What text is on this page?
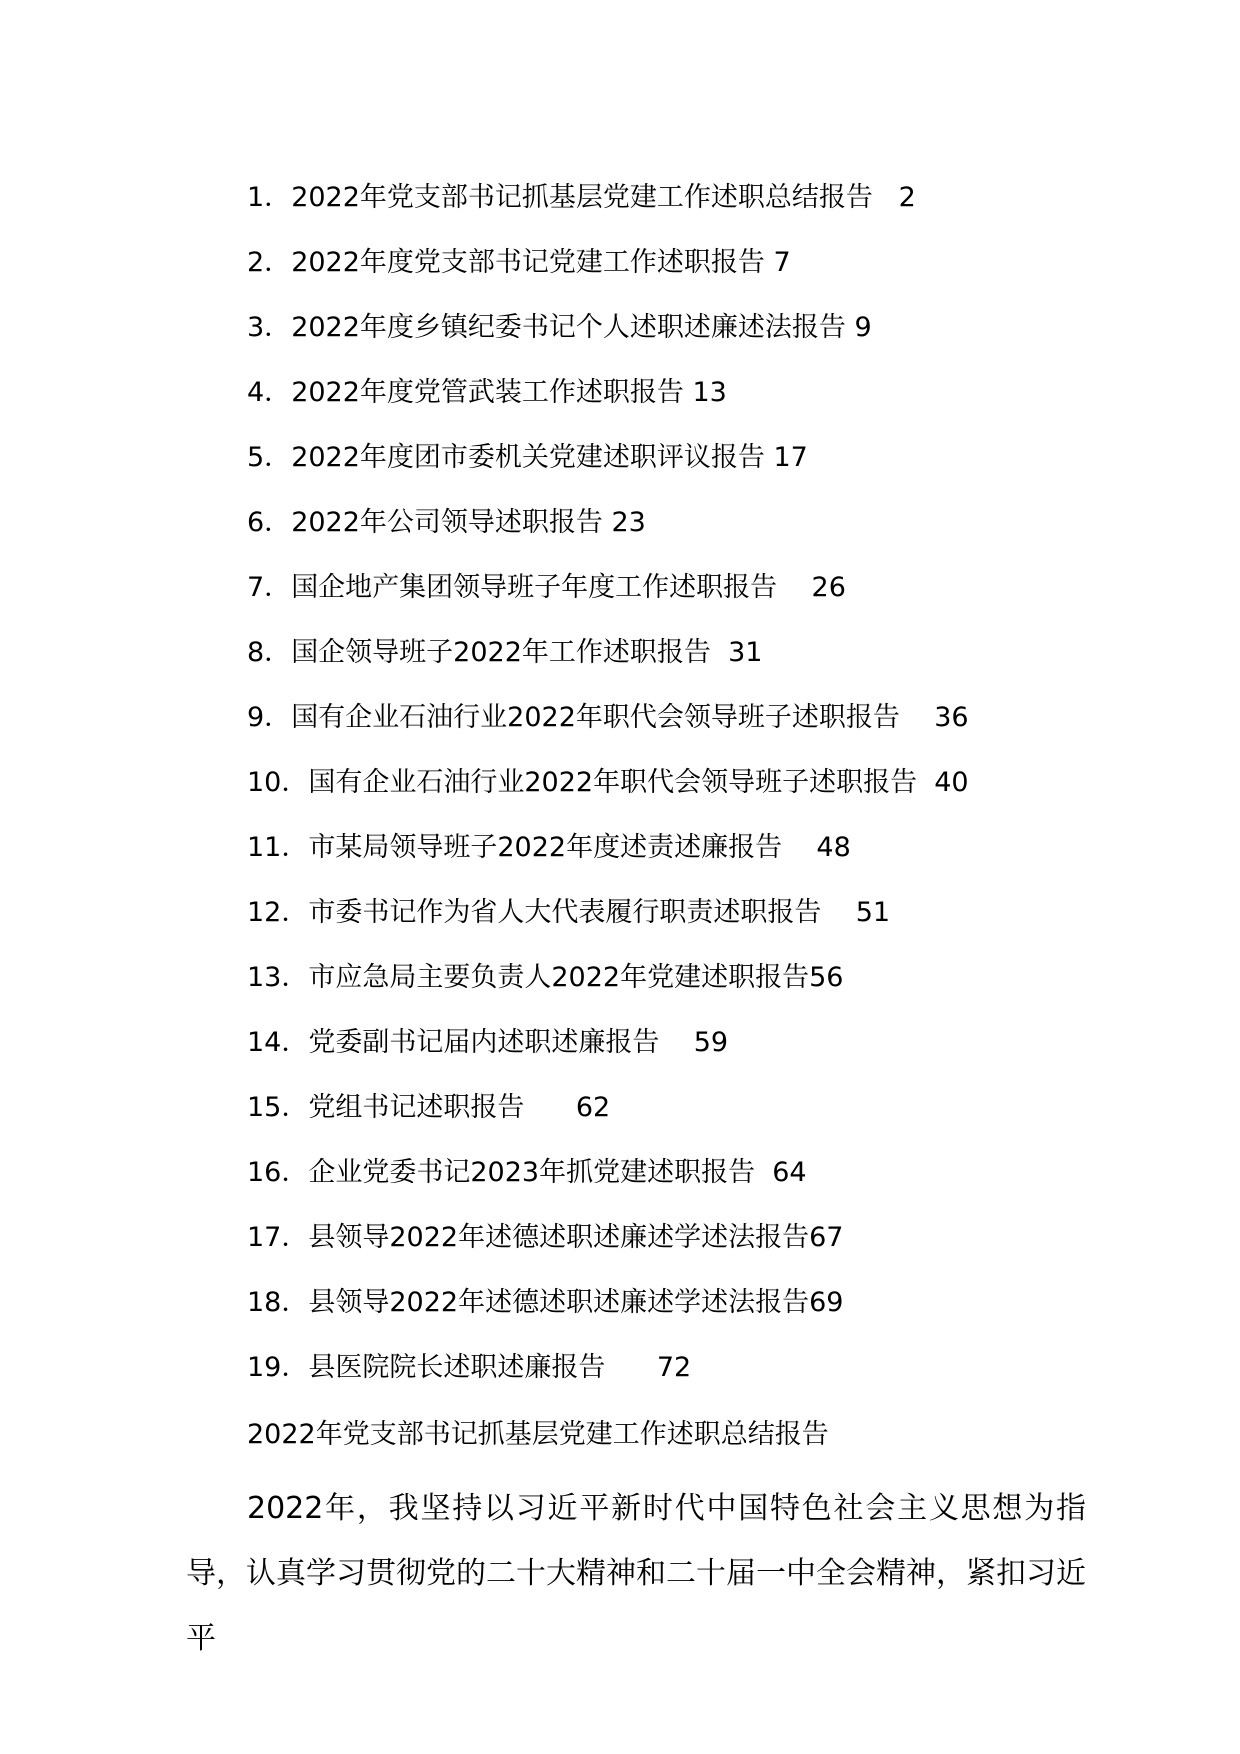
1． 2022年党支部书记抓基层党建工作述职总结报告
2
2． 2022年度党支部书记党建工作述职报告
7
3． 2022年度乡镇纪委书记个人述职述廉述法报告
9
4． 2022年度党管武装工作述职报告
13
5． 2022年度团市委机关党建述职评议报告
17
6． 2022年公司领导述职报告
23
7． 国企地产集团领导班子年度工作述职报告
26
8． 国企领导班子2022年工作述职报告
31
9． 国有企业石油行业2022年职代会领导班子述职报告
36
10． 国有企业石油行业2022年职代会领导班子述职报告
40
11． 市某局领导班子2022年度述责述廉报告
48
12． 市委书记作为省人大代表履行职责述职报告
51
13． 市应急局主要负责人2022年党建述职报告 56
14． 党委副书记届内述职述廉报告
59
15． 党组书记述职报告
62
16． 企业党委书记2023年抓党建述职报告
64
17． 县领导2022年述德述职述廉述学述法报告 67
18． 县领导2022年述德述职述廉述学述法报告 69
19． 县医院院长述职述廉报告
72
2022年党支部书记抓基层党建工作述职总结报告

2022年，我坚持以习近平新时代中国特色社会主义思想为指导，认真学习贯彻党的二十大精神和二十届一中全会精神，紧扣习近平
